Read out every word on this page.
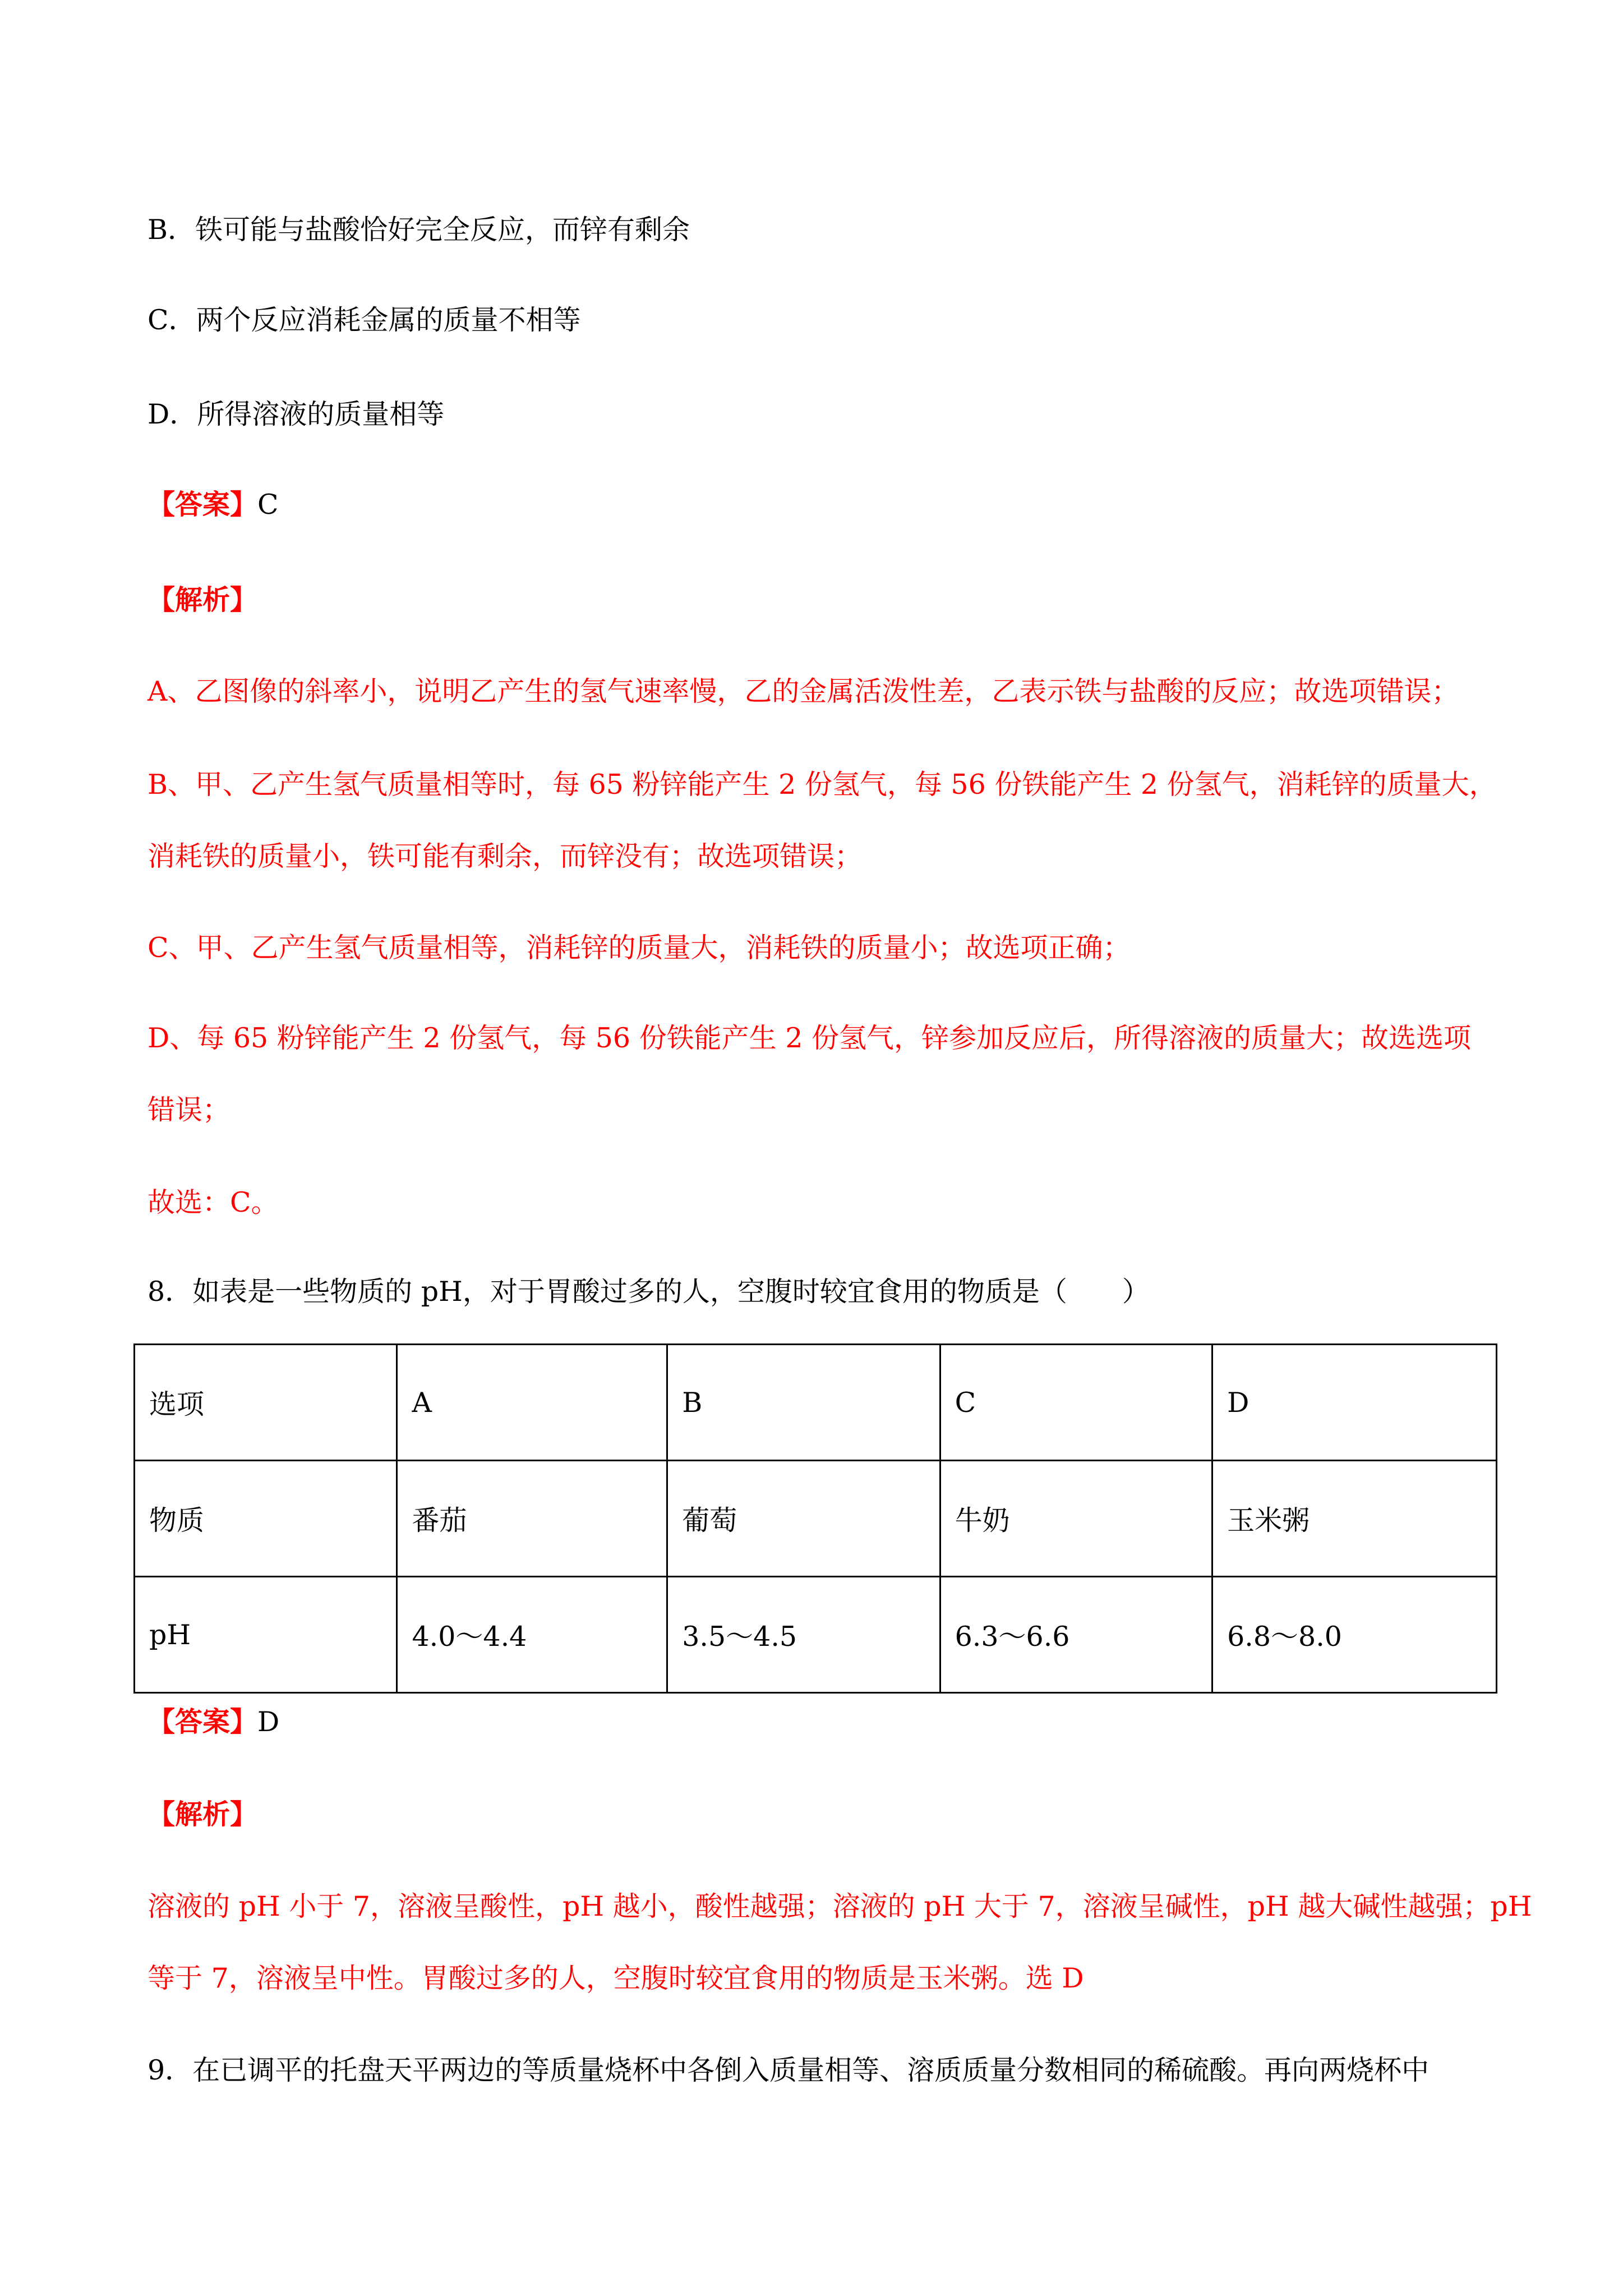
B．铁可能与盐酸恰好完全反应，而锌有剩余
C．两个反应消耗金属的质量不相等
D．所得溶液的质量相等
【答案】C
【解析】
A、乙图像的斜率小，说明乙产生的氢气速率慢，乙的金属活泼性差，乙表示铁与盐酸的反应；故选项错误；
B、甲、乙产生氢气质量相等时，每 65 粉锌能产生 2 份氢气，每 56 份铁能产生 2 份氢气，消耗锌的质量大，
消耗铁的质量小，铁可能有剩余，而锌没有；故选项错误；
C、甲、乙产生氢气质量相等，消耗锌的质量大，消耗铁的质量小；故选项正确；
D、每 65 粉锌能产生 2 份氢气，每 56 份铁能产生 2 份氢气，锌参加反应后，所得溶液的质量大；故选选项
错误；
故选：C。
8．如表是一些物质的 pH，对于胃酸过多的人，空腹时较宜食用的物质是（　　）
选项	A	B	C	D
物质	番茄	葡萄	牛奶	玉米粥
pH	4.0～4.4	3.5～4.5	6.3～6.6	6.8～8.0
【答案】D
【解析】
溶液的 pH 小于 7，溶液呈酸性，pH 越小，酸性越强；溶液的 pH 大于 7，溶液呈碱性，pH 越大碱性越强；pH
等于 7，溶液呈中性。胃酸过多的人，空腹时较宜食用的物质是玉米粥。选 D
9．在已调平的托盘天平两边的等质量烧杯中各倒入质量相等、溶质质量分数相同的稀硫酸。再向两烧杯中
